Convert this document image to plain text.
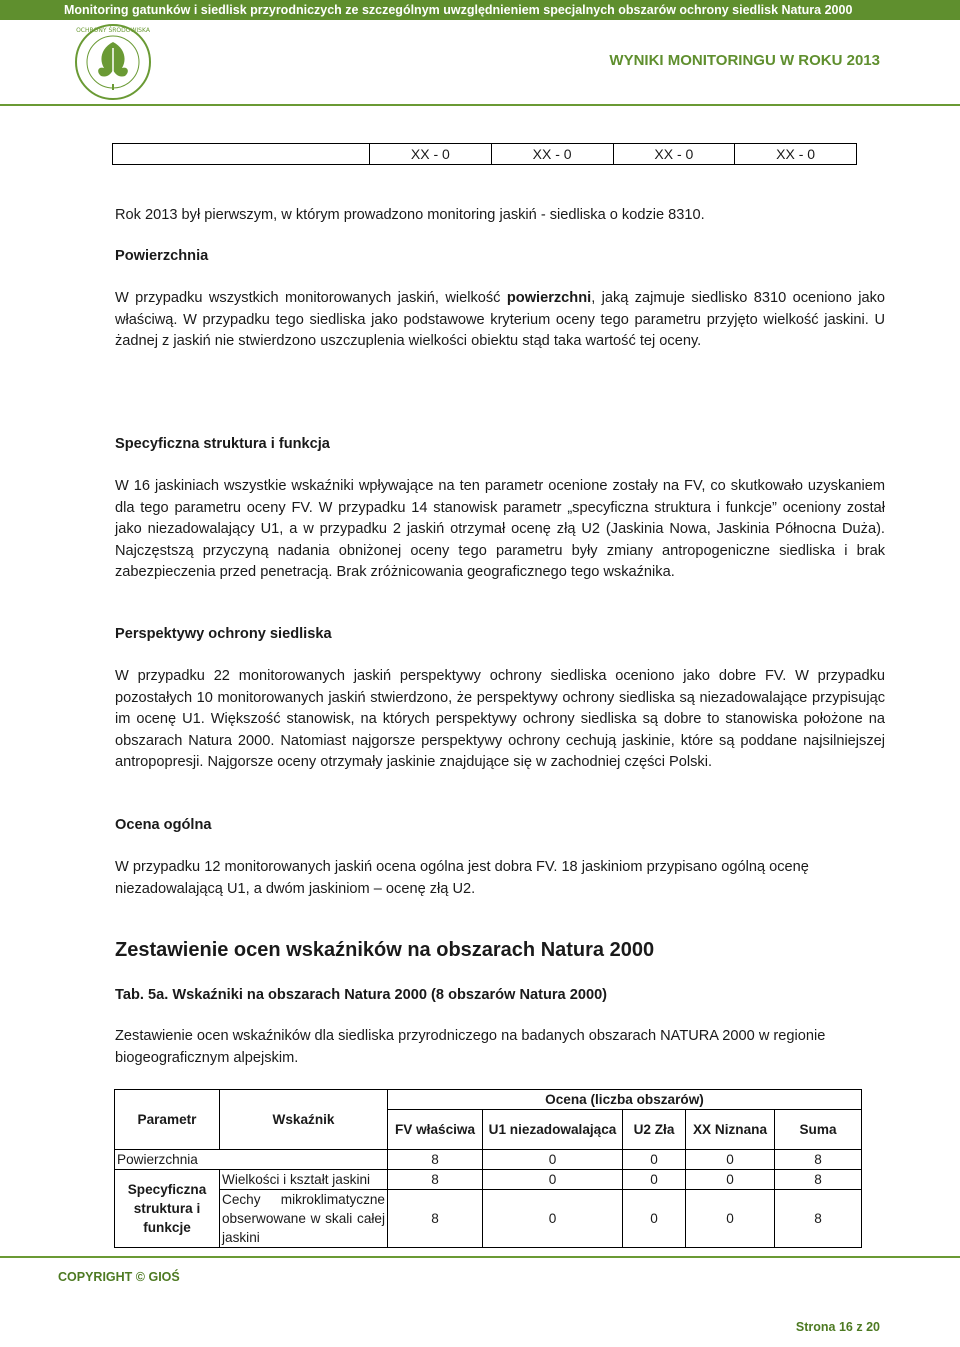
Monitoring gatunków i siedlisk przyrodniczych ze szczególnym uwzględnieniem specjalnych obszarów ochrony siedlisk Natura 2000
OCHRONY ŚRODOWISKA
WYNIKI MONITORINGU W ROKU 2013
XX - 0	XX - 0	XX - 0	XX - 0

Rok 2013 był pierwszym, w którym prowadzono monitoring jaskiń - siedliska o kodzie 8310.

Powierzchnia

W przypadku wszystkich monitorowanych jaskiń, wielkość powierzchni, jaką zajmuje siedlisko 8310 oceniono jako właściwą. W przypadku tego siedliska jako podstawowe kryterium oceny tego parametru przyjęto wielkość jaskini. U żadnej z jaskiń nie stwierdzono uszczuplenia wielkości obiektu stąd taka wartość tej oceny.

Specyficzna struktura i funkcja

W 16 jaskiniach wszystkie wskaźniki wpływające na ten parametr ocenione zostały na FV, co skutkowało uzyskaniem dla tego parametru oceny FV. W przypadku 14 stanowisk parametr „specyficzna struktura i funkcje” oceniony został jako niezadowalający U1, a w przypadku 2 jaskiń otrzymał ocenę złą U2 (Jaskinia Nowa, Jaskinia Północna Duża). Najczęstszą przyczyną nadania obniżonej oceny tego parametru były zmiany antropogeniczne siedliska i brak zabezpieczenia przed penetracją. Brak zróżnicowania geograficznego tego wskaźnika.

Perspektywy ochrony siedliska

W przypadku 22 monitorowanych jaskiń perspektywy ochrony siedliska oceniono jako dobre FV. W przypadku pozostałych 10 monitorowanych jaskiń stwierdzono, że perspektywy ochrony siedliska są niezadowalające przypisując im ocenę U1. Większość stanowisk, na których perspektywy ochrony siedliska są dobre to stanowiska położone na obszarach Natura 2000. Natomiast najgorsze perspektywy ochrony cechują jaskinie, które są poddane najsilniejszej antropopresji. Najgorsze oceny otrzymały jaskinie znajdujące się w zachodniej części Polski.

Ocena ogólna

W przypadku 12 monitorowanych jaskiń ocena ogólna jest dobra FV. 18 jaskiniom przypisano ogólną ocenę niezadowalającą U1, a dwóm jaskiniom – ocenę złą U2.

Zestawienie ocen wskaźników na obszarach Natura 2000

Tab. 5a. Wskaźniki na obszarach Natura 2000 (8 obszarów Natura 2000)

Zestawienie ocen wskaźników dla siedliska przyrodniczego na badanych obszarach NATURA 2000 w regionie biogeograficznym alpejskim.

Parametr	Wskaźnik	Ocena (liczba obszarów)				
		FV właściwa	U1 niezadowalająca	U2 Zła	XX Niznana	Suma
Powierzchnia		8	0	0	0	8
Specyficzna struktura i funkcje	Wielkości i kształt jaskini	8	0	0	0	8
	Cechy mikroklimatyczne obserwowane w skali całej jaskini	8	0	0	0	8
COPYRIGHT © GIOŚ
Strona 16 z 20
